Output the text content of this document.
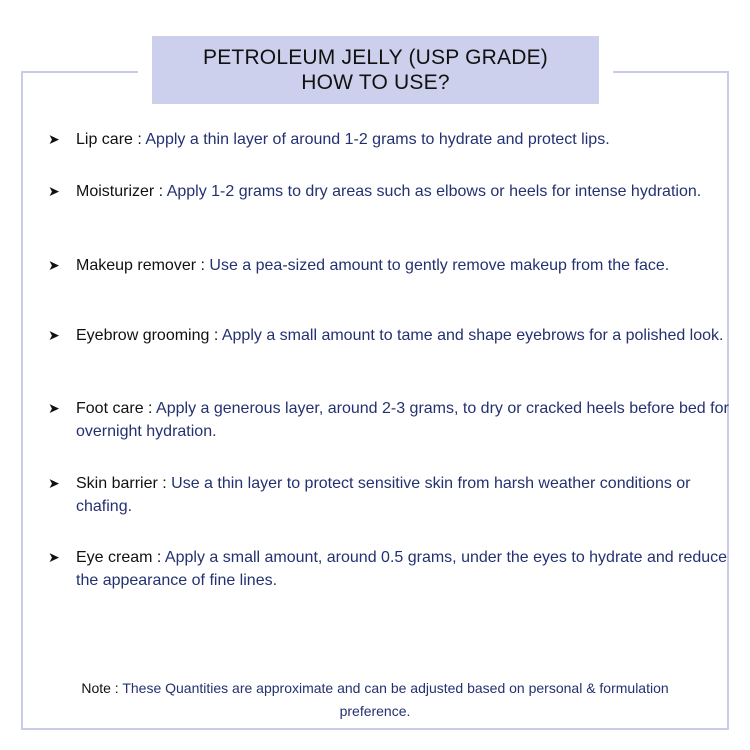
PETROLEUM JELLY (USP GRADE)
HOW TO USE?
➤	Lip care : Apply a thin layer of around 1-2 grams to hydrate and protect lips.
➤	Moisturizer : Apply 1-2 grams to dry areas such as elbows or heels for intense hydration.
➤	Makeup remover : Use a pea-sized amount to gently remove makeup from the face.
➤	Eyebrow grooming : Apply a small amount to tame and shape eyebrows for a polished look.
➤	Foot care : Apply a generous layer, around 2-3 grams, to dry or cracked heels before bed for overnight hydration.
➤	Skin barrier : Use a thin layer to protect sensitive skin from harsh weather conditions or chafing.
➤	Eye cream : Apply a small amount, around 0.5 grams, under the eyes to hydrate and reduce the appearance of fine lines.
Note : These Quantities are approximate and can be adjusted based on personal & formulation preference.
